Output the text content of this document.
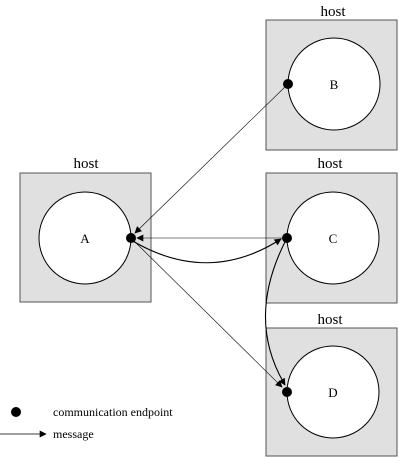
host
B
host
A
host
C
host
D
communication endpoint
message
